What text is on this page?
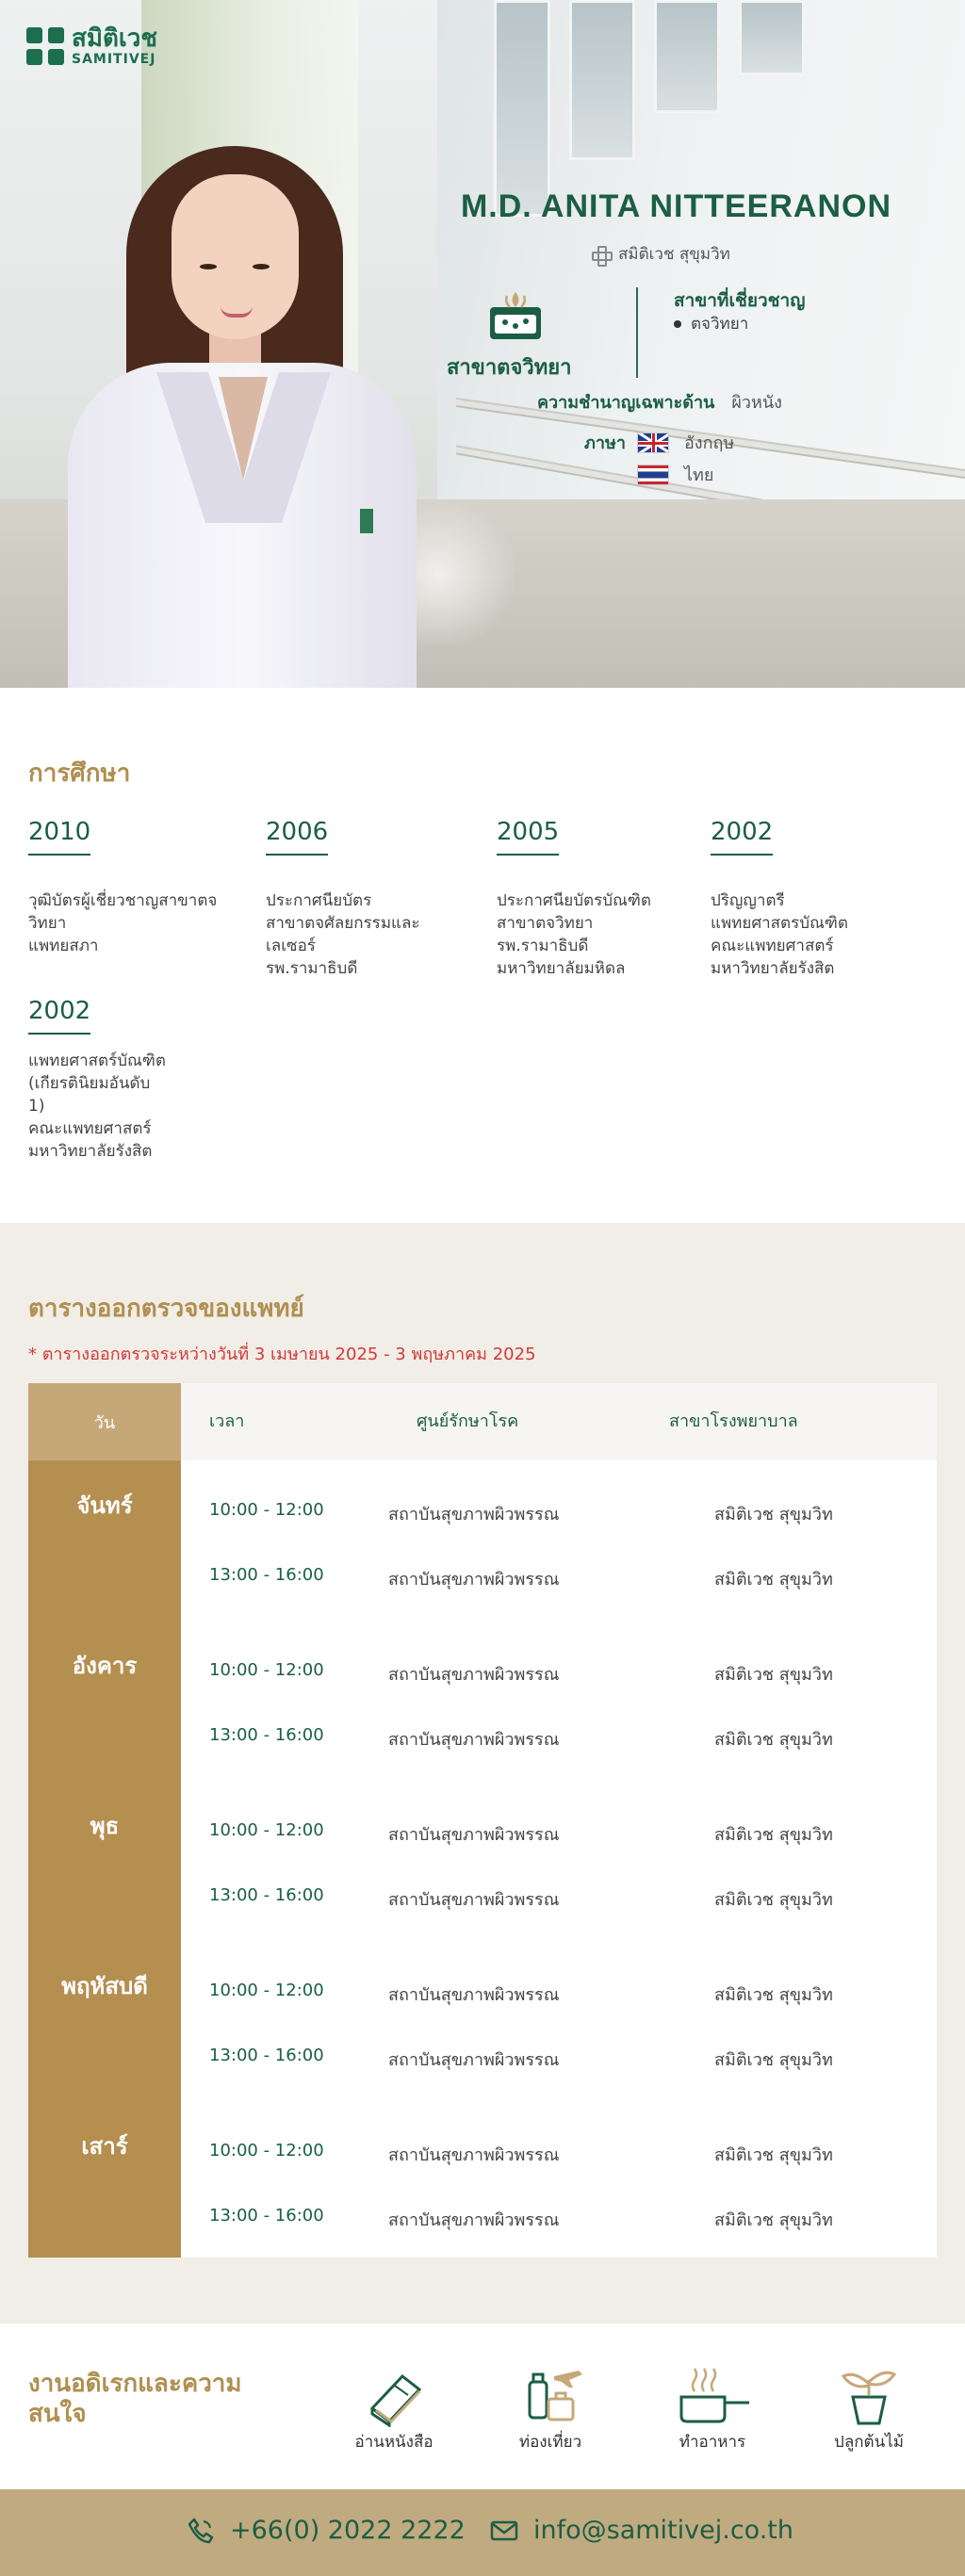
สมิติเวช
SAMITIVEJ
M.D. ANITA NITTEERANON
สมิติเวช สุขุมวิท
สาขาตจวิทยา
สาขาที่เชี่ยวชาญ
ตจวิทยา
ความชำนาญเฉพาะด้าน ผิวหนัง
ภาษา	อังกฤษ
ไทย
การศึกษา
2010
วุฒิบัตรผู้เชี่ยวชาญสาขาตจ
วิทยา
แพทยสภา
2006
ประกาศนียบัตร
สาขาตจศัลยกรรมและ
เลเซอร์
รพ.รามาธิบดี
2005
ประกาศนียบัตรบัณฑิต
สาขาตจวิทยา
รพ.รามาธิบดี
มหาวิทยาลัยมหิดล
2002
ปริญญาตรี
แพทยศาสตรบัณฑิต
คณะแพทยศาสตร์
มหาวิทยาลัยรังสิต
2002
แพทยศาสตร์บัณฑิต
(เกียรตินิยมอันดับ
1)
คณะแพทยศาสตร์
มหาวิทยาลัยรังสิต
ตารางออกตรวจของแพทย์

* ตารางออกตรวจระหว่างวันที่ 3 เมษายน 2025 - 3 พฤษภาคม 2025

วัน	เวลา	ศูนย์รักษาโรค	สาขาโรงพยาบาล
จันทร์	10:00 - 12:00	สถาบันสุขภาพผิวพรรณ	สมิติเวช สุขุมวิท
13:00 - 16:00	สถาบันสุขภาพผิวพรรณ	สมิติเวช สุขุมวิท
อังคาร	10:00 - 12:00	สถาบันสุขภาพผิวพรรณ	สมิติเวช สุขุมวิท
13:00 - 16:00	สถาบันสุขภาพผิวพรรณ	สมิติเวช สุขุมวิท
พุธ	10:00 - 12:00	สถาบันสุขภาพผิวพรรณ	สมิติเวช สุขุมวิท
13:00 - 16:00	สถาบันสุขภาพผิวพรรณ	สมิติเวช สุขุมวิท
พฤหัสบดี	10:00 - 12:00	สถาบันสุขภาพผิวพรรณ	สมิติเวช สุขุมวิท
13:00 - 16:00	สถาบันสุขภาพผิวพรรณ	สมิติเวช สุขุมวิท
เสาร์	10:00 - 12:00	สถาบันสุขภาพผิวพรรณ	สมิติเวช สุขุมวิท
13:00 - 16:00	สถาบันสุขภาพผิวพรรณ	สมิติเวช สุขุมวิท
งานอดิเรกและความสนใจ
อ่านหนังสือ	ท่องเที่ยว	ทำอาหาร	ปลูกต้นไม้
+66(0) 2022 2222	info@samitivej.co.th
